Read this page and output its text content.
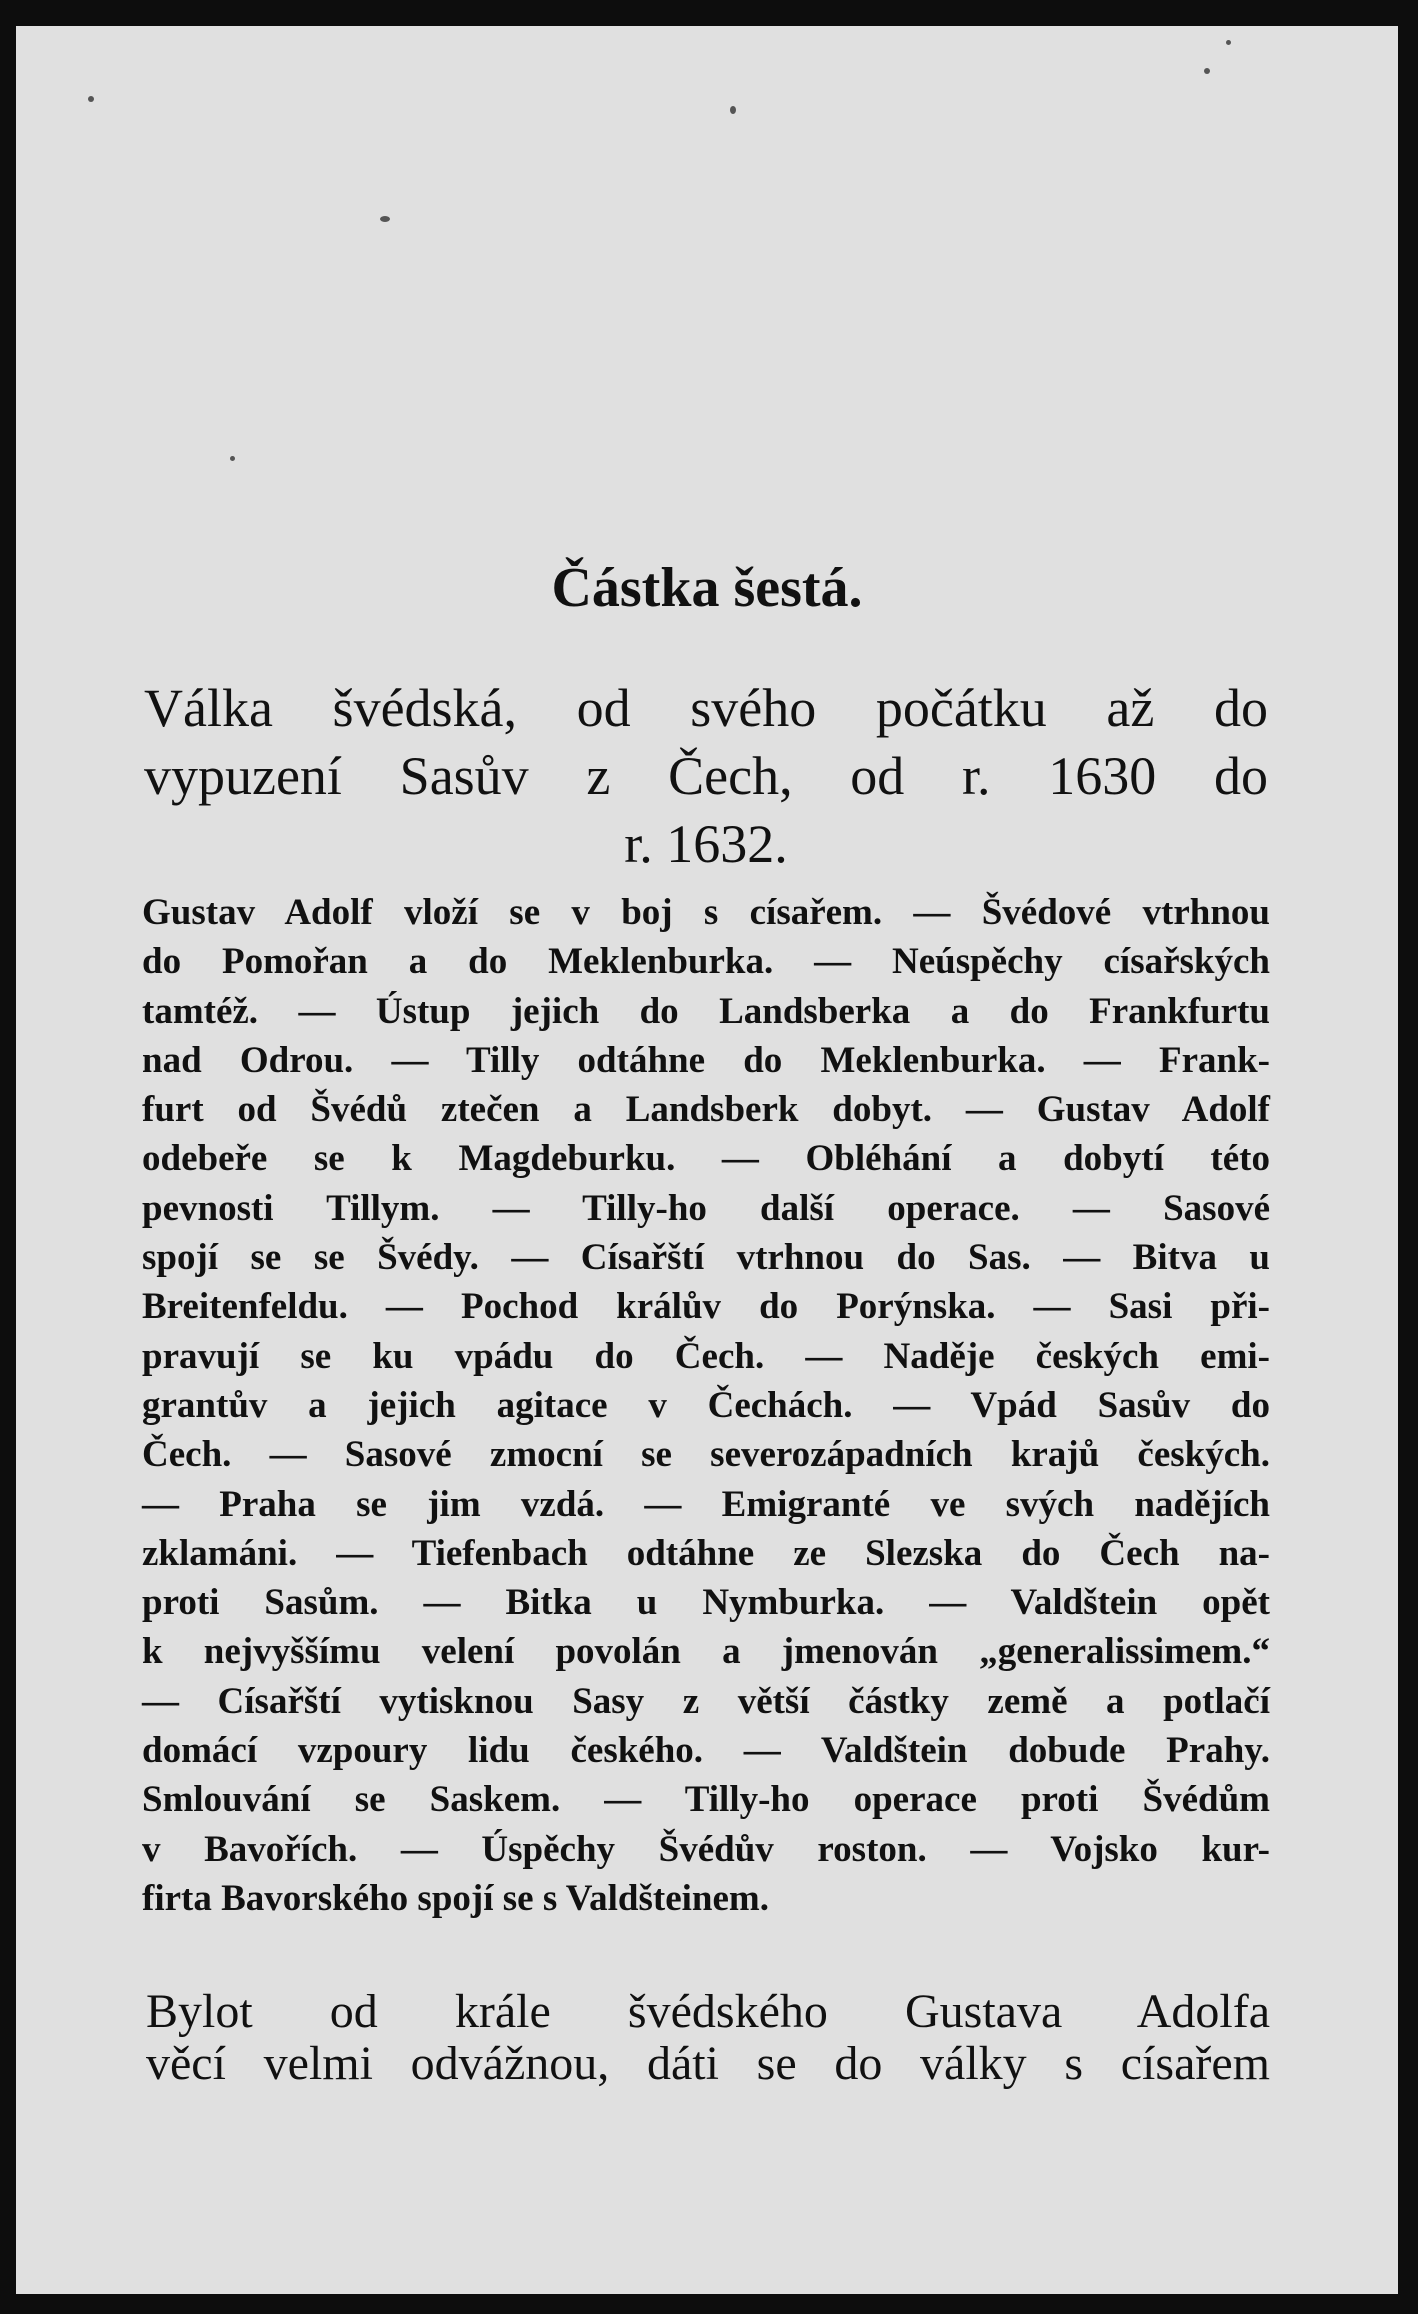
Částka šestá.
Válka švédská, od svého počátku až do
vypuzení Sasův z Čech, od r. 1630 do
r. 1632.
Gustav Adolf vloží se v boj s císařem. — Švédové vtrhnou
do Pomořan a do Meklenburka. — Neúspěchy císařských
tamtéž. — Ústup jejich do Landsberka a do Frankfurtu
nad Odrou. — Tilly odtáhne do Meklenburka. — Frank-
furt od Švédů ztečen a Landsberk dobyt. — Gustav Adolf
odebeře se k Magdeburku. — Obléhání a dobytí této
pevnosti Tillym. — Tilly-ho další operace. — Sasové
spojí se se Švédy. — Císařští vtrhnou do Sas. — Bitva u
Breitenfeldu. — Pochod králův do Porýnska. — Sasi při-
pravují se ku vpádu do Čech. — Naděje českých emi-
grantův a jejich agitace v Čechách. — Vpád Sasův do
Čech. — Sasové zmocní se severozápadních krajů českých.
— Praha se jim vzdá. — Emigranté ve svých nadějích
zklamáni. — Tiefenbach odtáhne ze Slezska do Čech na-
proti Sasům. — Bitka u Nymburka. — Valdštein opět
k nejvyššímu velení povolán a jmenován „generalissimem.“
— Císařští vytisknou Sasy z větší částky země a potlačí
domácí vzpoury lidu českého. — Valdštein dobude Prahy.
Smlouvání se Saskem. — Tilly-ho operace proti Švédům
v Bavořích. — Úspěchy Švédův roston. — Vojsko kur-
firta Bavorského spojí se s Valdšteinem.
Bylot od krále švédského Gustava Adolfa
věcí velmi odvážnou, dáti se do války s císařem
